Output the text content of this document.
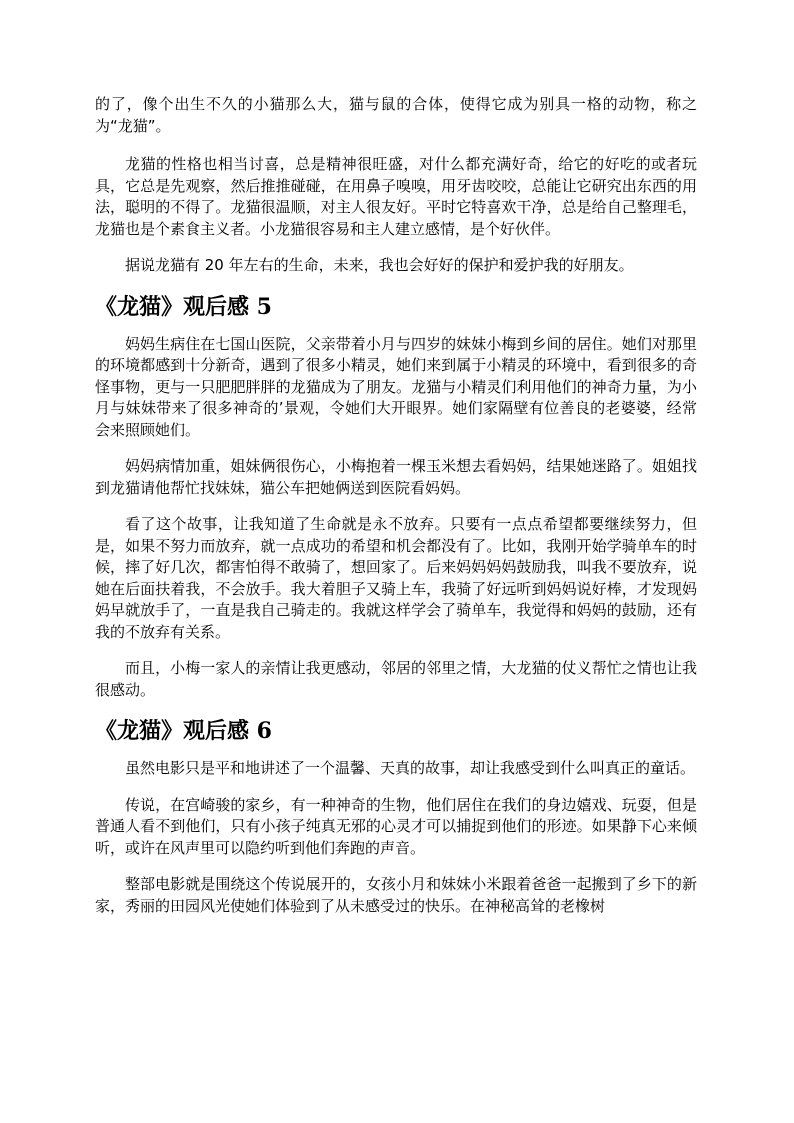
的了，像个出生不久的小猫那么大，猫与鼠的合体，使得它成为别具一格的动物，称之为“龙猫”。

龙猫的性格也相当讨喜，总是精神很旺盛，对什么都充满好奇，给它的好吃的或者玩具，它总是先观察，然后推推碰碰，在用鼻子嗅嗅，用牙齿咬咬，总能让它研究出东西的用法，聪明的不得了。龙猫很温顺，对主人很友好。平时它特喜欢干净，总是给自己整理毛，龙猫也是个素食主义者。小龙猫很容易和主人建立感情，是个好伙伴。

据说龙猫有 20 年左右的生命，未来，我也会好好的保护和爱护我的好朋友。

《龙猫》观后感 5

妈妈生病住在七国山医院，父亲带着小月与四岁的妹妹小梅到乡间的居住。她们对那里的环境都感到十分新奇，遇到了很多小精灵，她们来到属于小精灵的环境中，看到很多的奇怪事物，更与一只肥肥胖胖的龙猫成为了朋友。龙猫与小精灵们利用他们的神奇力量，为小月与妹妹带来了很多神奇的’景观，令她们大开眼界。她们家隔壁有位善良的老婆婆，经常会来照顾她们。

妈妈病情加重，姐妹俩很伤心，小梅抱着一棵玉米想去看妈妈，结果她迷路了。姐姐找到龙猫请他帮忙找妹妹，猫公车把她俩送到医院看妈妈。

看了这个故事，让我知道了生命就是永不放弃。只要有一点点希望都要继续努力，但是，如果不努力而放弃，就一点成功的希望和机会都没有了。比如，我刚开始学骑单车的时候，摔了好几次，都害怕得不敢骑了，想回家了。后来妈妈妈妈鼓励我，叫我不要放弃，说她在后面扶着我，不会放手。我大着胆子又骑上车，我骑了好远听到妈妈说好棒，才发现妈妈早就放手了，一直是我自己骑走的。我就这样学会了骑单车，我觉得和妈妈的鼓励，还有我的不放弃有关系。

而且，小梅一家人的亲情让我更感动，邻居的邻里之情，大龙猫的仗义帮忙之情也让我很感动。

《龙猫》观后感 6

虽然电影只是平和地讲述了一个温馨、天真的故事，却让我感受到什么叫真正的童话。

传说，在宫崎骏的家乡，有一种神奇的生物，他们居住在我们的身边嬉戏、玩耍，但是普通人看不到他们，只有小孩子纯真无邪的心灵才可以捕捉到他们的形迹。如果静下心来倾听，或许在风声里可以隐约听到他们奔跑的声音。

整部电影就是围绕这个传说展开的，女孩小月和妹妹小米跟着爸爸一起搬到了乡下的新家，秀丽的田园风光使她们体验到了从未感受过的快乐。在神秘高耸的老橡树
